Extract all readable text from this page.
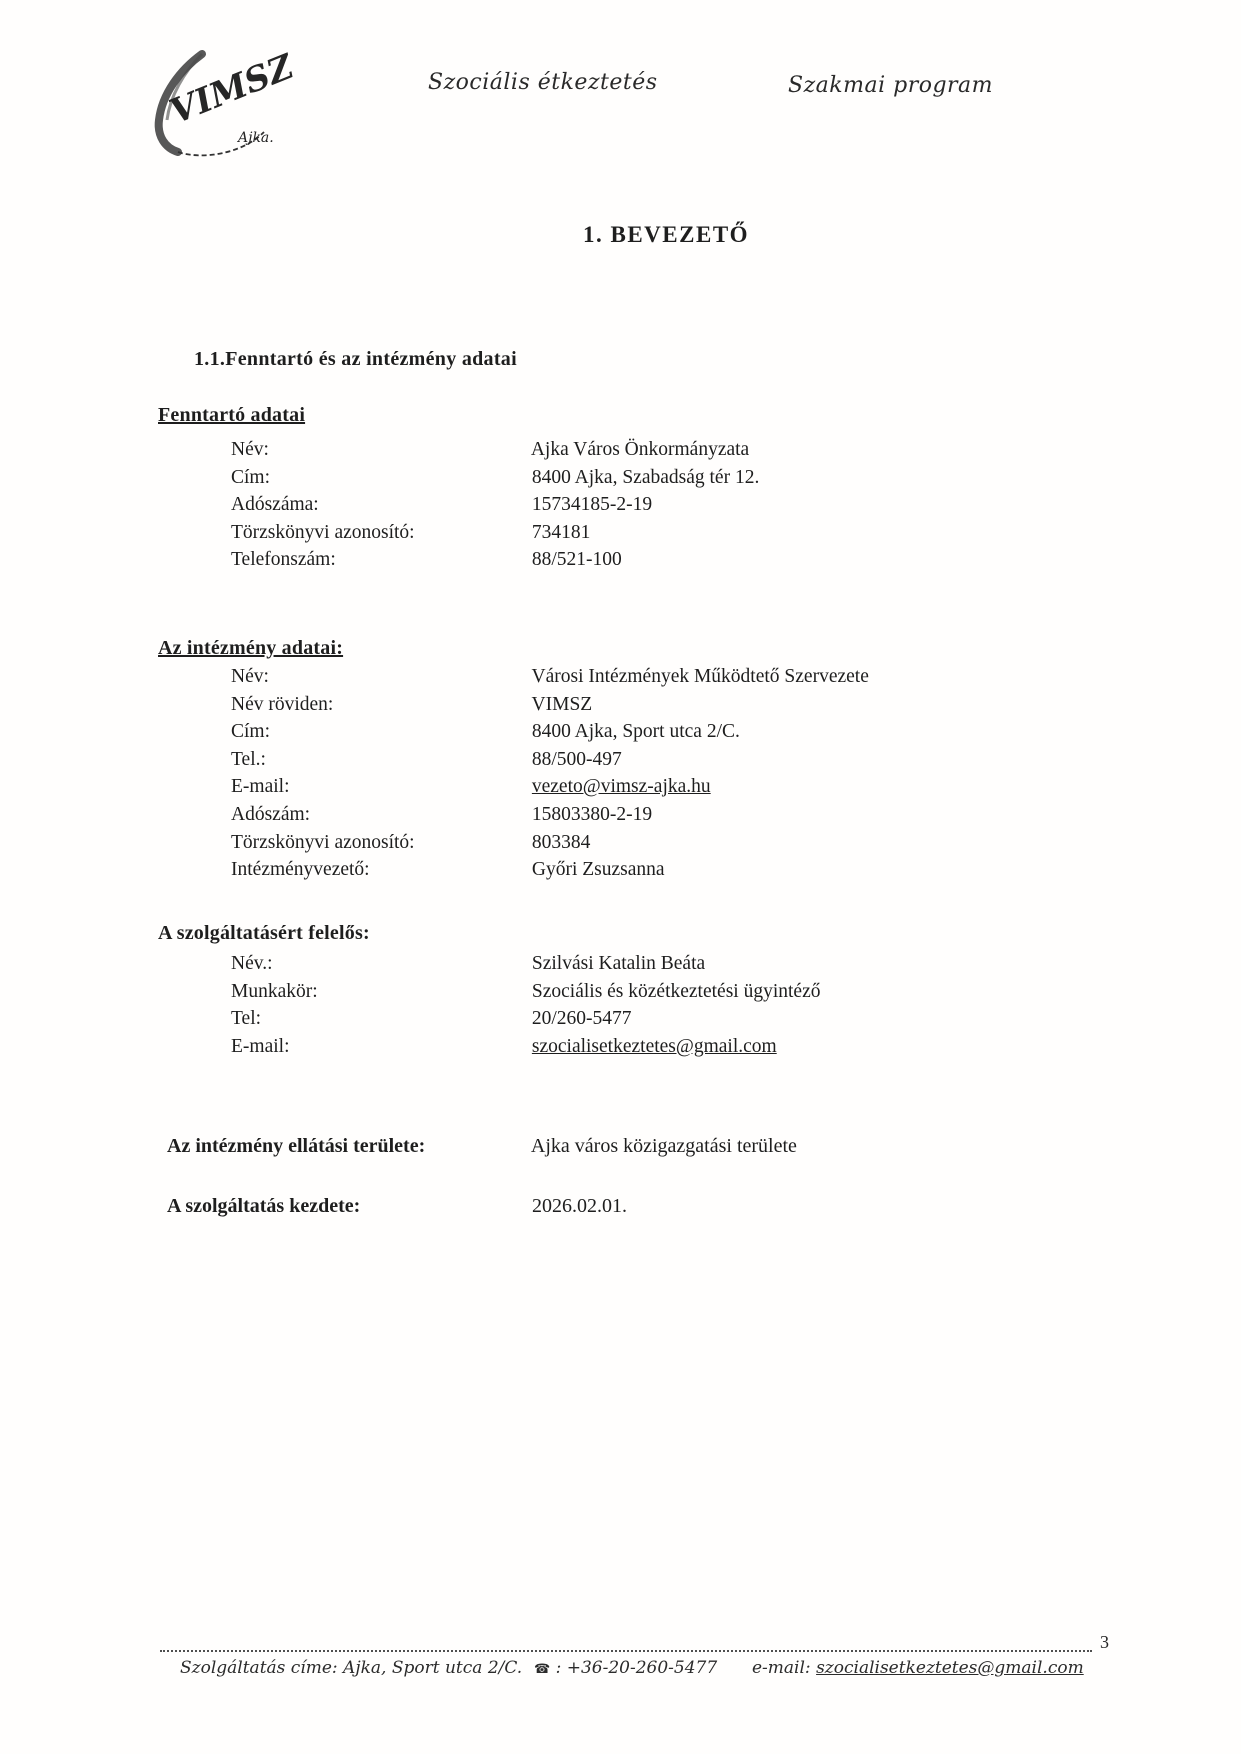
VIMSZ
Ajka.
Szociális étkeztetés	Szakmai program
1. BEVEZETŐ
1.1.Fenntartó és az intézmény adatai
Fenntartó adatai
Név:	Ajka Város Önkormányzata
Cím:	8400 Ajka, Szabadság tér 12.
Adószáma:	15734185-2-19
Törzskönyvi azonosító:	734181
Telefonszám:	88/521-100
Az intézmény adatai:
Név:	Városi Intézmények Működtető Szervezete
Név röviden:	VIMSZ
Cím:	8400 Ajka, Sport utca 2/C.
Tel.:	88/500-497
E-mail:	vezeto@vimsz-ajka.hu
Adószám:	15803380-2-19
Törzskönyvi azonosító:	803384
Intézményvezető:	Győri Zsuzsanna
A szolgáltatásért felelős:
Név.:	Szilvási Katalin Beáta
Munkakör:	Szociális és közétkeztetési ügyintéző
Tel:	20/260-5477
E-mail:	szocialisetkeztetes@gmail.com
Az intézmény ellátási területe:	Ajka város közigazgatási területe
A szolgáltatás kezdete:	2026.02.01.
3
Szolgáltatás címe: Ajka, Sport utca 2/C. ☎ : +36-20-260-5477 e-mail: szocialisetkeztetes@gmail.com
